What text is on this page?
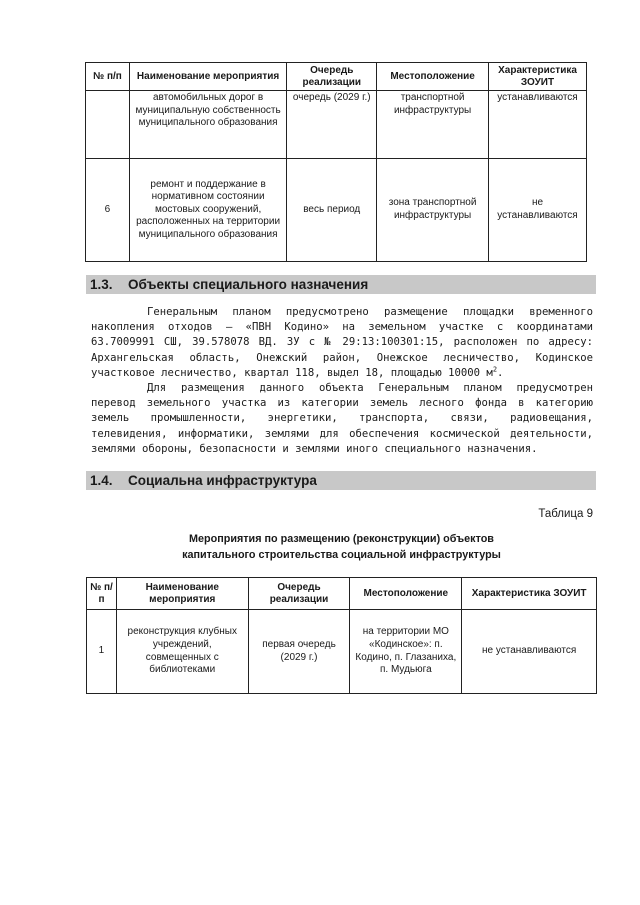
№ п/п	Наименование мероприятия	Очередь реализации	Местоположение	Характеристика ЗОУИТ
	автомобильных дорог в муниципальную собственность муниципального образования	очередь (2029 г.)	транспортной инфраструктуры	устанавливаются
6	ремонт и поддержание в нормативном состоянии мостовых сооружений, расположенных на территории муниципального образования	весь период	зона транспортной инфраструктуры	не устанавливаются
1.3. Объекты специального назначения

Генеральным планом предусмотрено размещение площадки временного накопления отходов – «ПВН Кодино» на земельном участке с координатами 63.7009991 СШ, 39.578078 ВД. ЗУ с № 29:13:100301:15, расположен по адресу: Архангельская область, Онежский район, Онежское лесничество, Кодинское участковое лесничество, квартал 118, выдел 18, площадью 10000 $м^2$.

Для размещения данного объекта Генеральным планом предусмотрен перевод земельного участка из категории земель лесного фонда в категорию земель промышленности, энергетики, транспорта, связи, радиовещания, телевидения, информатики, землями для обеспечения космической деятельности, землями обороны, безопасности и землями иного специального назначения.

1.4. Социальна инфраструктура
Таблица 9
Мероприятия по размещению (реконструкции) объектов
капитального строительства социальной инфраструктуры
№ п/п	Наименование мероприятия	Очередь реализации	Местоположение	Характеристика ЗОУИТ
1	реконструкция клубных учреждений, совмещенных с библиотеками	первая очередь (2029 г.)	на территории МО «Кодинское»: п. Кодино, п. Глазаниха, п. Мудьюга	не устанавливаются
